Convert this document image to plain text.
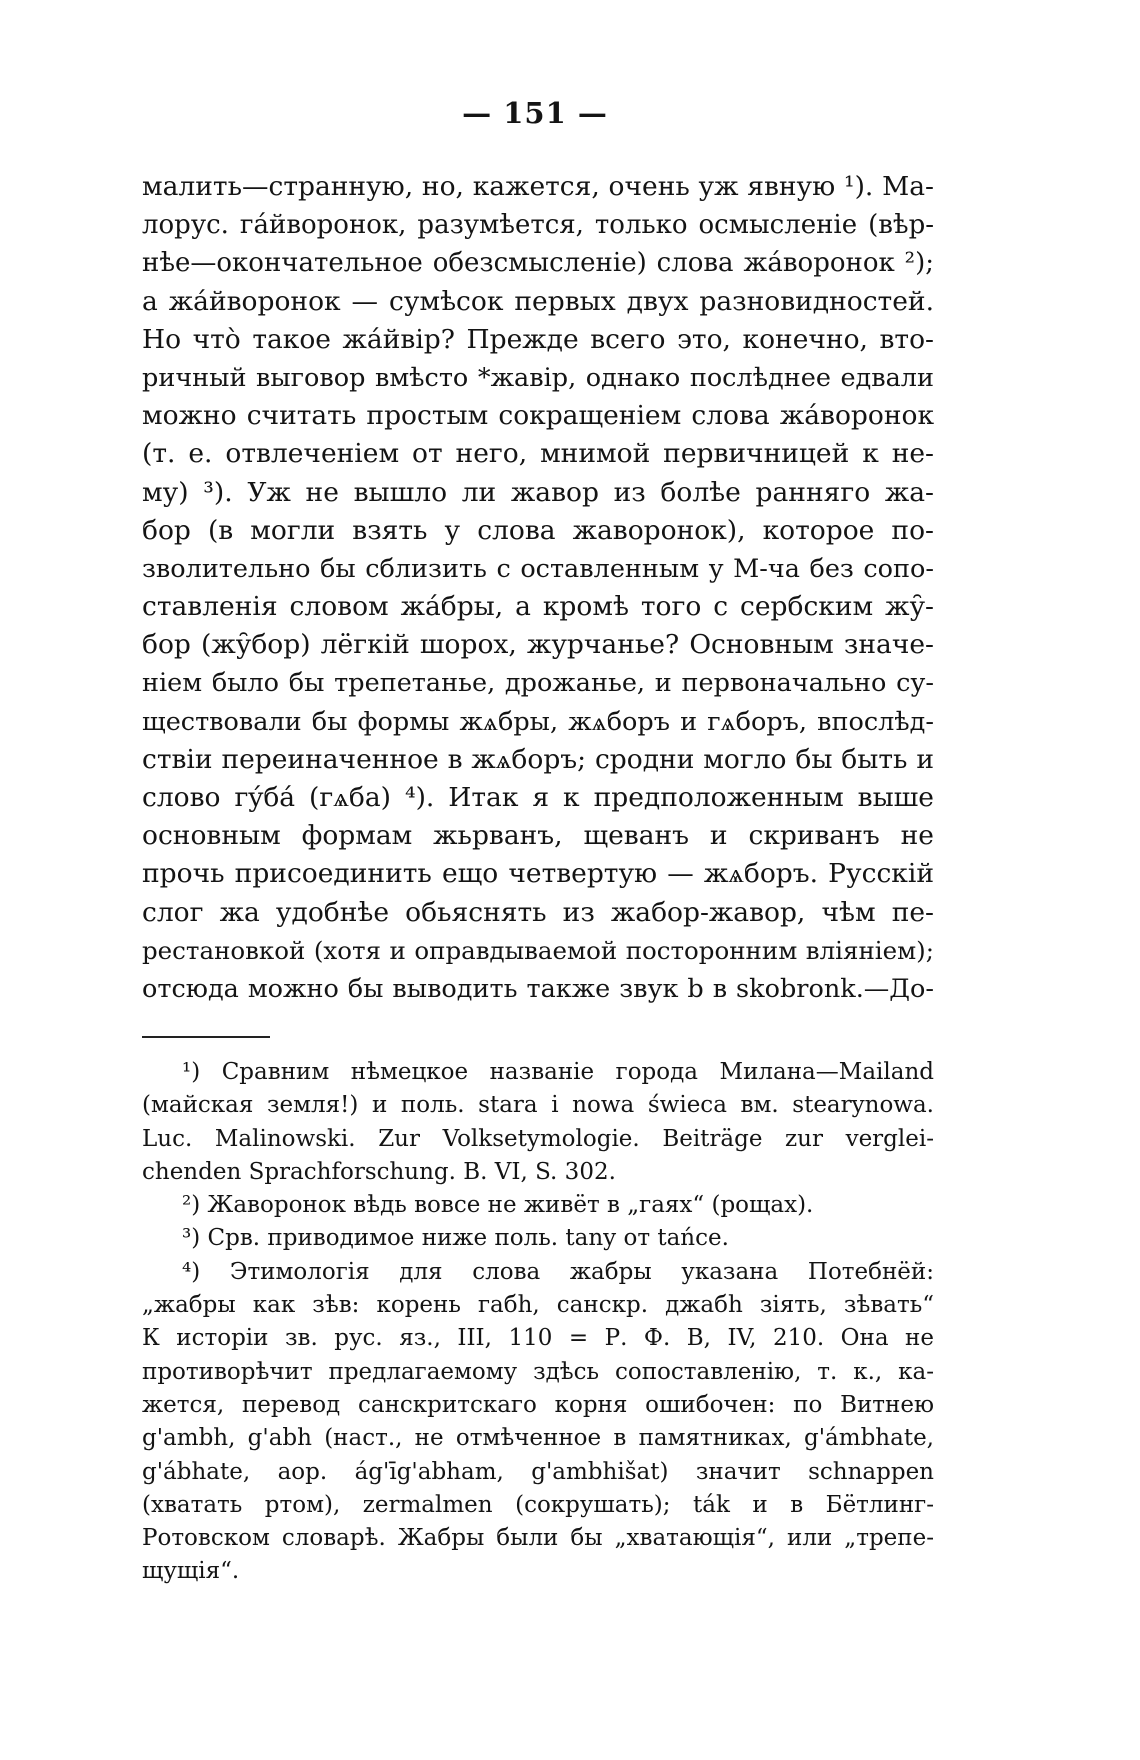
— 151 —
малить—странную, но, кажется, очень уж явную ¹). Ма-
лорус. гáйворонок, разумѣется, только осмысленіе (вѣр-
нѣе—окончательное обезсмысленіе) слова жáворонок ²);
а жáйворонок — сумѣсок первых двух разновидностей.
Но что̀ такое жáйвір? Прежде всего это, конечно, вто-
ричный выговор вмѣсто *жавір, однако послѣднее едвали
можно считать простым сокращеніем слова жáворонок
(т. е. отвлеченіем от него, мнимой первичницей к не-
му) ³). Уж не вышло ли жавор из болѣе ранняго жа-
бор (в могли взять у слова жаворонок), которое по-
зволительно бы сблизить с оставленным у М-ча без сопо-
ставленія словом жáбры, а кромѣ того с сербским жу̑-
бор (жу̑бор) лёгкій шорох, журчанье? Основным значе-
ніем было бы трепетанье, дрожанье, и первоначально су-
ществовали бы формы жѧбры, жѧборъ и гѧборъ, впослѣд-
ствіи переиначенное в жѧборъ; сродни могло бы быть и
слово гýбá (гѧба) ⁴). Итак я к предположенным выше
основным формам жьрванъ, щеванъ и скриванъ не
прочь присоединить ещо четвертую — жѧборъ. Русскій
слог жа удобнѣе обьяснять из жабор-жавор, чѣм пе-
рестановкой (хотя и оправдываемой посторонним вліяніем);
отсюда можно бы выводить также звук b в skobronk.—До-
¹) Сравним нѣмецкое названіе города Милана—Mailand
(майская земля!) и поль. stara i nowa świeca вм. stearynowa.
Luc. Malinowski. Zur Volksetymologie. Beiträge zur verglei-
chenden Sprachforschung. B. VI, S. 302.
²) Жаворонок вѣдь вовсе не живёт в „гаях“ (рощах).
³) Срв. приводимое ниже поль. tany от tańce.
⁴) Этимологія для слова жабры указана Потебнёй:
„жабры как зѣв: корень габһ, санскр. джабһ зіять, зѣвать“
К исторіи зв. рус. яз., III, 110 = Р. Ф. В, IV, 210. Она не
противорѣчит предлагаемому здѣсь сопоставленію, т. к., ка-
жется, перевод санскритскаго корня ошибочен: по Витнею
g'ambh, g'abh (наст., не отмѣченное в памятниках, g'ámbhate,
g'ábhate, аор. ág'īg'abham, g'ambhišat) значит schnappen
(хватать ртом), zermalmen (сокрушать); ták и в Бётлинг-
Ротовском словарѣ. Жабры были бы „хватающія“, или „трепе-
щущія“.
